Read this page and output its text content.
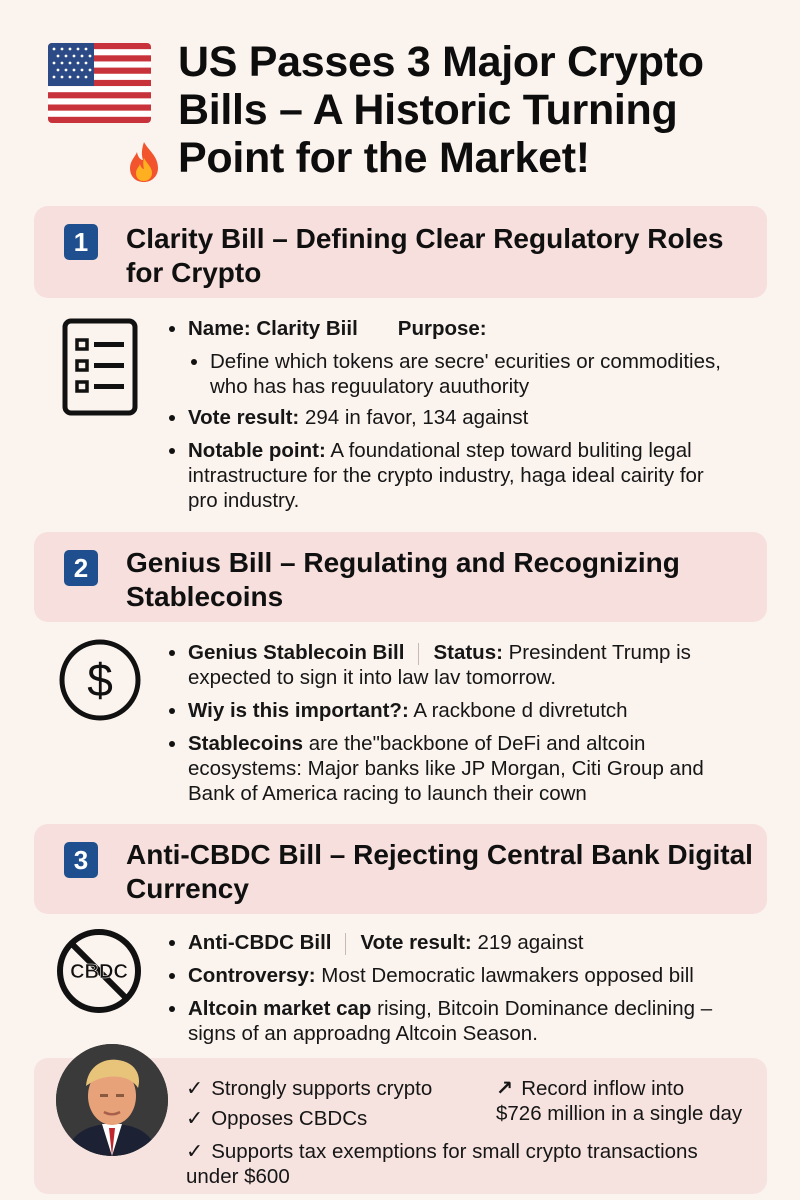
US Passes 3 Major Crypto Bills – A Historic Turning Point for the Market!
1	Clarity Bill – Defining Clear Regulatory Roles for Crypto
Name: Clarity Biil Purpose:
Define which tokens are secre' ecurities or commodities, who has has reguulatory auuthority
Vote result: 294 in favor, 134 against
Notable point: A foundational step toward buliting legal intrastructure for the crypto industry, haga ideal cairity for pro industry.
2	Genius Bill – Regulating and Recognizing Stablecoins
$
Genius Stablecoin Bill Status: Presindent Trump is expected to sign it into law lav tomorrow.
Wiy is this important?: A rackbone d divretutch
Stablecoins are the"backbone of DeFi and altcoin ecosystems: Major banks like JP Morgan, Citi Group and Bank of America racing to launch their cown
3	Anti-CBDC Bill – Rejecting Central Bank Digital Currency
CBDC
Anti-CBDC Bill Vote result: 219 against
Controversy: Most Democratic lawmakers opposed bill
Altcoin market cap rising, Bitcoin Dominance declining – signs of an approadng Altcoin Season.
✓ Strongly supports crypto
✓ Opposes CBDCs
✓ Supports tax exemptions for small crypto transactions under $600
↗ Record inflow into
$726 million in a single day
